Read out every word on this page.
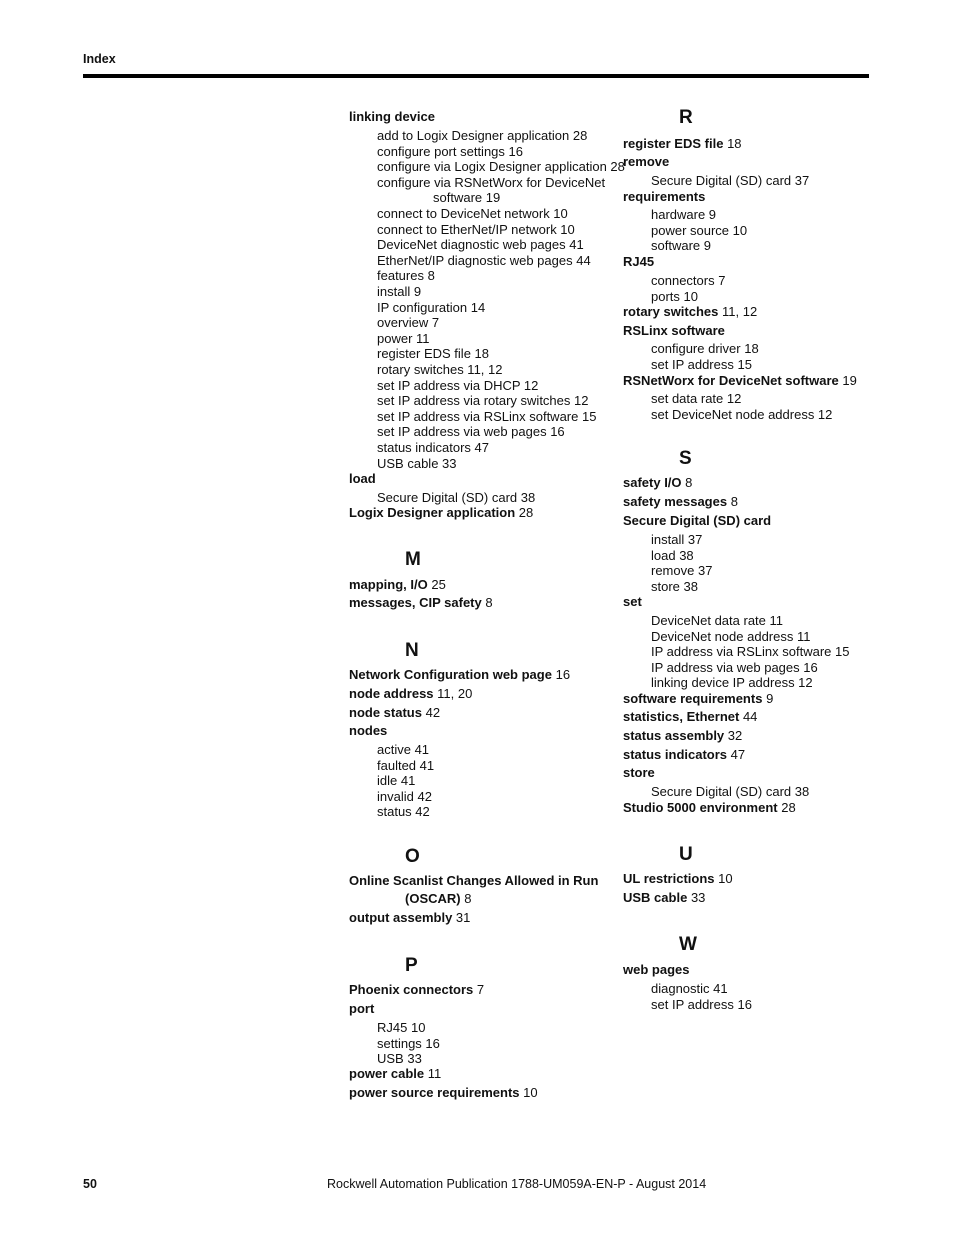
Index
linking device
add to Logix Designer application 28
configure port settings 16
configure via Logix Designer application 28
configure via RSNetWorx for DeviceNet
software 19
connect to DeviceNet network 10
connect to EtherNet/IP network 10
DeviceNet diagnostic web pages 41
EtherNet/IP diagnostic web pages 44
features 8
install 9
IP configuration 14
overview 7
power 11
register EDS file 18
rotary switches 11, 12
set IP address via DHCP 12
set IP address via rotary switches 12
set IP address via RSLinx software 15
set IP address via web pages 16
status indicators 47
USB cable 33
load
Secure Digital (SD) card 38
Logix Designer application 28
M
mapping, I/O 25
messages, CIP safety 8
N
Network Configuration web page 16
node address 11, 20
node status 42
nodes
active 41
faulted 41
idle 41
invalid 42
status 42
O
Online Scanlist Changes Allowed in Run
(OSCAR) 8
output assembly 31
P
Phoenix connectors 7
port
RJ45 10
settings 16
USB 33
power cable 11
power source requirements 10
R
register EDS file 18
remove
Secure Digital (SD) card 37
requirements
hardware 9
power source 10
software 9
RJ45
connectors 7
ports 10
rotary switches 11, 12
RSLinx software
configure driver 18
set IP address 15
RSNetWorx for DeviceNet software 19
set data rate 12
set DeviceNet node address 12
S
safety I/O 8
safety messages 8
Secure Digital (SD) card
install 37
load 38
remove 37
store 38
set
DeviceNet data rate 11
DeviceNet node address 11
IP address via RSLinx software 15
IP address via web pages 16
linking device IP address 12
software requirements 9
statistics, Ethernet 44
status assembly 32
status indicators 47
store
Secure Digital (SD) card 38
Studio 5000 environment 28
U
UL restrictions 10
USB cable 33
W
web pages
diagnostic 41
set IP address 16
50	Rockwell Automation Publication 1788-UM059A-EN-P - August 2014
